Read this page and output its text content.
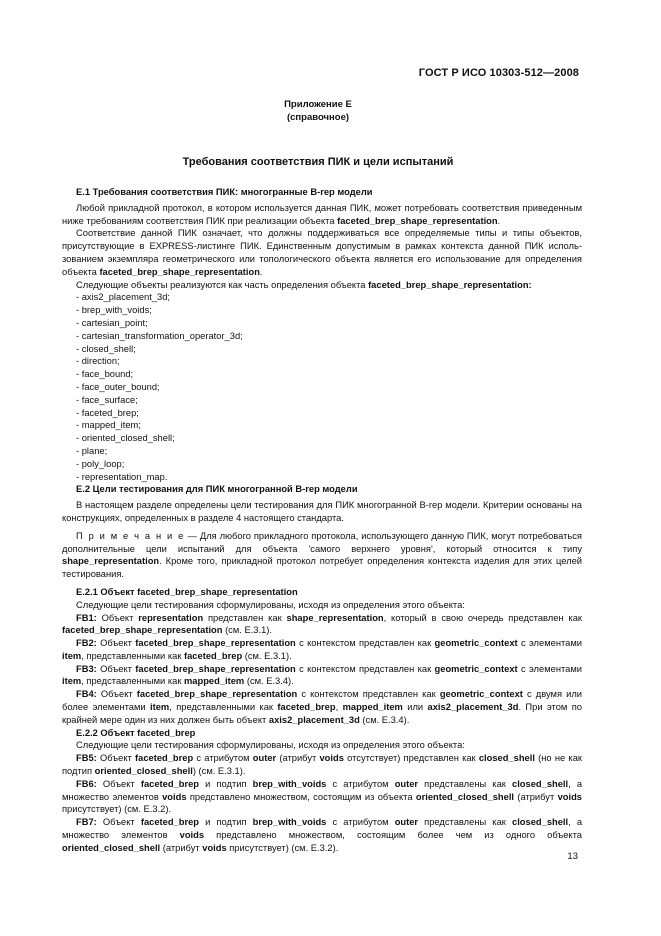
ГОСТ Р ИСО 10303-512—2008
Приложение Е
(справочное)
Требования соответствия ПИК и цели испытаний

Е.1 Требования соответствия ПИК: многогранные B-rep модели

Любой прикладной протокол, в котором используется данная ПИК, может потребовать соответствия приведенным ниже требованиям соответствия ПИК при реализации объекта faceted_brep_shape_representation.

Соответствие данной ПИК означает, что должны поддерживаться все определяемые типы и типы объектов, присутствующие в EXPRESS-листинге ПИК. Единственным допустимым в рамках контекста данной ПИК использованием экземпляра геометрического или топологического объекта является его использование для определения объекта faceted_brep_shape_representation.

Следующие объекты реализуются как часть определения объекта faceted_brep_shape_representation:

- axis2_placement_3d;
- brep_with_voids;
- cartesian_point;
- cartesian_transformation_operator_3d;
- closed_shell;
- direction;
- face_bound;
- face_outer_bound;
- face_surface;
- faceted_brep;
- mapped_item;
- oriented_closed_shell;
- plane;
- poly_loop;
- representation_map.

Е.2 Цели тестирования для ПИК многогранной B-rep модели

В настоящем разделе определены цели тестирования для ПИК многогранной B-rep модели. Критерии основаны на конструкциях, определенных в разделе 4 настоящего стандарта.

П р и м е ч а н и е — Для любого прикладного протокола, использующего данную ПИК, могут потребоваться дополнительные цели испытаний для объекта 'самого верхнего уровня', который относится к типу shape_representation. Кроме того, прикладной протокол потребует определения контекста изделия для этих целей тестирования.

Е.2.1 Объект faceted_brep_shape_representation

Следующие цели тестирования сформулированы, исходя из определения этого объекта:

FB1: Объект representation представлен как shape_representation, который в свою очередь представлен как faceted_brep_shape_representation (см. Е.3.1).

FB2: Объект faceted_brep_shape_representation с контекстом представлен как geometric_context с элементами item, представленными как faceted_brep (см. Е.3.1).

FB3: Объект faceted_brep_shape_representation с контекстом представлен как geometric_context с элементами item, представленными как mapped_item (см. Е.3.4).

FB4: Объект faceted_brep_shape_representation с контекстом представлен как geometric_context с двумя или более элементами item, представленными как faceted_brep, mapped_item или axis2_placement_3d. При этом по крайней мере один из них должен быть объект axis2_placement_3d (см. Е.3.4).

Е.2.2 Объект faceted_brep

Следующие цели тестирования сформулированы, исходя из определения этого объекта:

FB5: Объект faceted_brep с атрибутом outer (атрибут voids отсутствует) представлен как closed_shell (но не как подтип oriented_closed_shell) (см. Е.3.1).

FB6: Объект faceted_brep и подтип brep_with_voids с атрибутом outer представлены как closed_shell, а множество элементов voids представлено множеством, состоящим из объекта oriented_closed_shell (атрибут voids присутствует) (см. Е.3.2).

FB7: Объект faceted_brep и подтип brep_with_voids с атрибутом outer представлены как closed_shell, а множество элементов voids представлено множеством, состоящим более чем из одного объекта oriented_closed_shell (атрибут voids присутствует) (см. Е.3.2).

13
